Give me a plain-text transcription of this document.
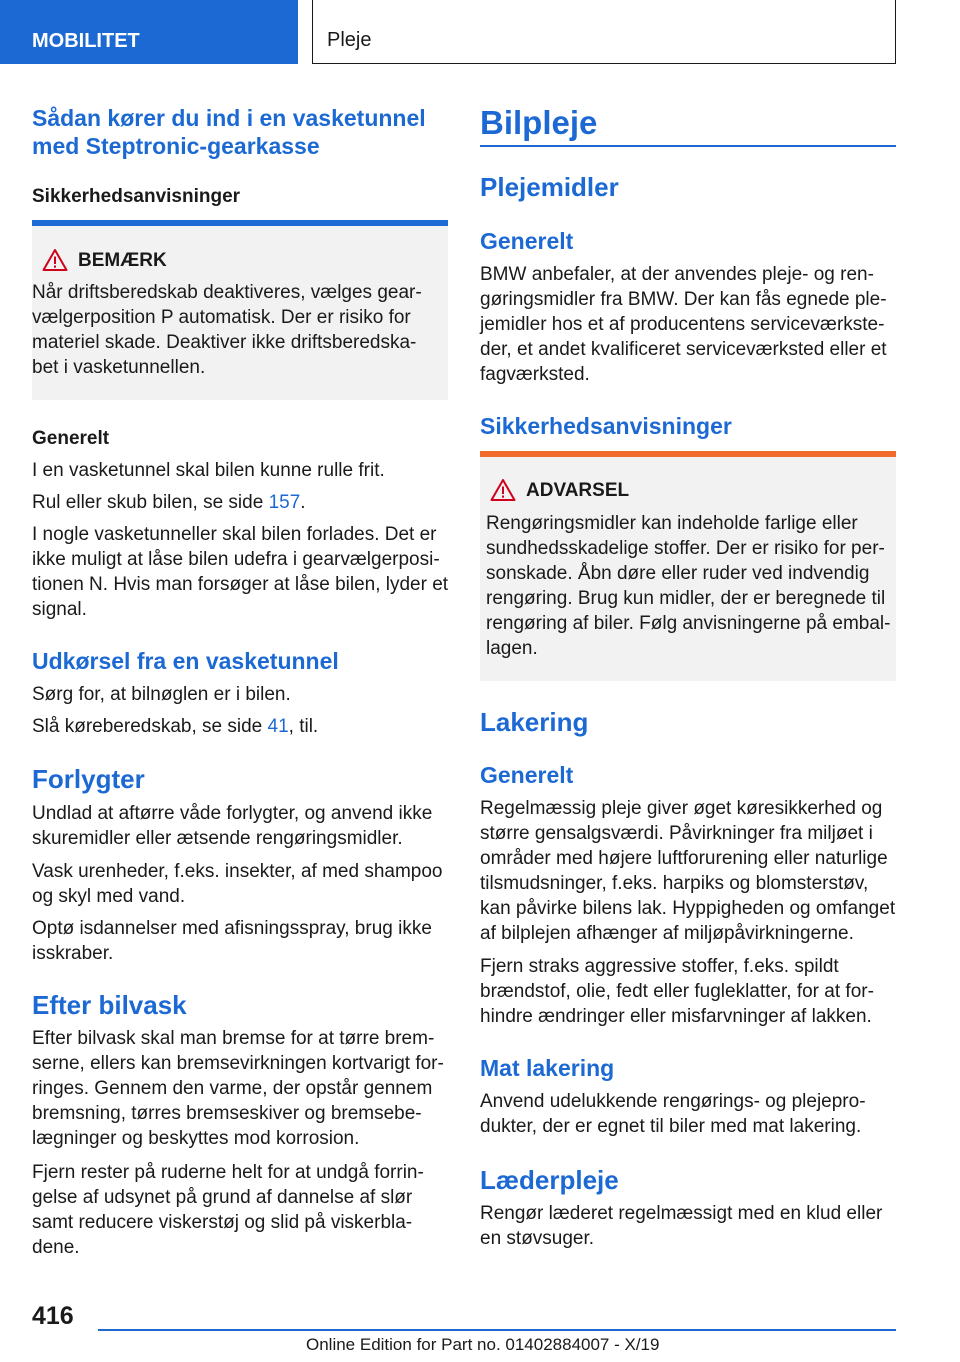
MOBILITET	Pleje
Sådan kører du ind i en vasketunnel
med Steptronic-gearkasse
Sikkerhedsanvisninger
BEMÆRK
Når driftsberedskab deaktiveres, vælges gear-
vælgerposition P automatisk. Der er risiko for
materiel skade. Deaktiver ikke driftsberedska-
bet i vasketunnellen.
Generelt
I en vasketunnel skal bilen kunne rulle frit.
Rul eller skub bilen, se side 157.
I nogle vasketunneller skal bilen forlades. Det er
ikke muligt at låse bilen udefra i gearvælgerposi-
tionen N. Hvis man forsøger at låse bilen, lyder et
signal.
Udkørsel fra en vasketunnel
Sørg for, at bilnøglen er i bilen.
Slå køreberedskab, se side 41, til.
Forlygter
Undlad at aftørre våde forlygter, og anvend ikke
skuremidler eller ætsende rengøringsmidler.
Vask urenheder, f.eks. insekter, af med shampoo
og skyl med vand.
Optø isdannelser med afisningsspray, brug ikke
isskraber.
Efter bilvask
Efter bilvask skal man bremse for at tørre brem-
serne, ellers kan bremsevirkningen kortvarigt for-
ringes. Gennem den varme, der opstår gennem
bremsning, tørres bremseskiver og bremsebe-
lægninger og beskyttes mod korrosion.
Fjern rester på ruderne helt for at undgå forrin-
gelse af udsynet på grund af dannelse af slør
samt reducere viskerstøj og slid på viskerbla-
dene.
Bilpleje
Plejemidler
Generelt
BMW anbefaler, at der anvendes pleje- og ren-
gøringsmidler fra BMW. Der kan fås egnede ple-
jemidler hos et af producentens serviceværkste-
der, et andet kvalificeret serviceværksted eller et
fagværksted.
Sikkerhedsanvisninger
ADVARSEL
Rengøringsmidler kan indeholde farlige eller
sundhedsskadelige stoffer. Der er risiko for per-
sonskade. Åbn døre eller ruder ved indvendig
rengøring. Brug kun midler, der er beregnede til
rengøring af biler. Følg anvisningerne på embal-
lagen.
Lakering
Generelt
Regelmæssig pleje giver øget køresikkerhed og
større gensalgsværdi. Påvirkninger fra miljøet i
områder med højere luftforurening eller naturlige
tilsmudsninger, f.eks. harpiks og blomsterstøv,
kan påvirke bilens lak. Hyppigheden og omfanget
af bilplejen afhænger af miljøpåvirkningerne.
Fjern straks aggressive stoffer, f.eks. spildt
brændstof, olie, fedt eller fugleklatter, for at for-
hindre ændringer eller misfarvninger af lakken.
Mat lakering
Anvend udelukkende rengørings- og plejepro-
dukter, der er egnet til biler med mat lakering.
Læderpleje
Rengør læderet regelmæssigt med en klud eller
en støvsuger.
416
Online Edition for Part no. 01402884007 - X/19
